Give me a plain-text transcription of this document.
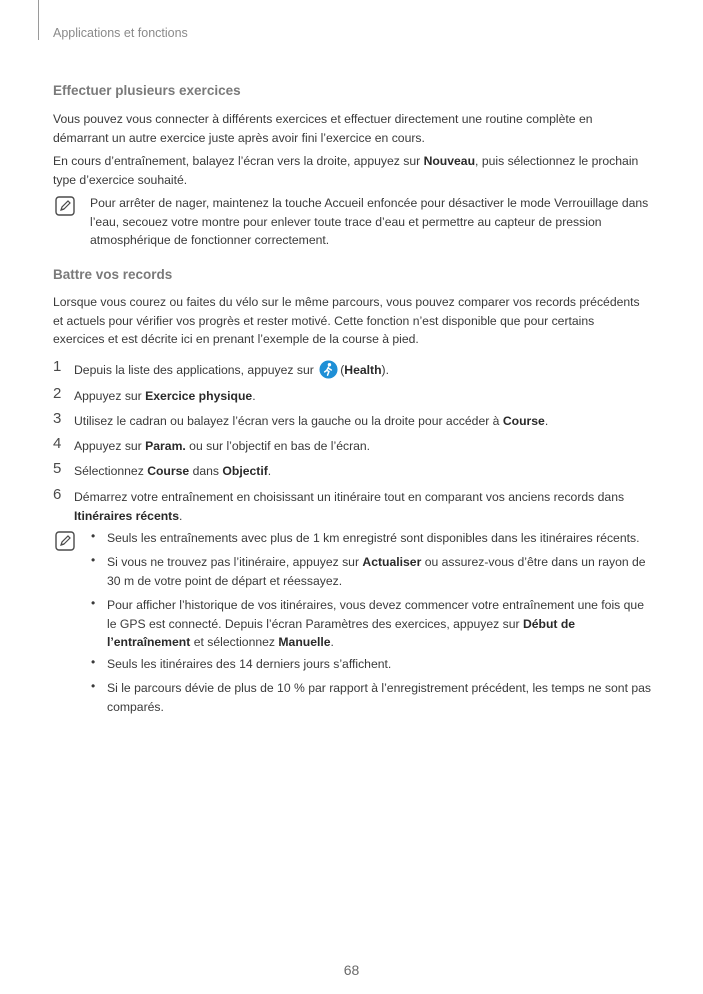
Applications et fonctions
Effectuer plusieurs exercices
Vous pouvez vous connecter à différents exercices et effectuer directement une routine complète en démarrant un autre exercice juste après avoir fini l’exercice en cours.
En cours d’entraînement, balayez l’écran vers la droite, appuyez sur Nouveau, puis sélectionnez le prochain type d’exercice souhaité.
Pour arrêter de nager, maintenez la touche Accueil enfoncée pour désactiver le mode Verrouillage dans l’eau, secouez votre montre pour enlever toute trace d’eau et permettre au capteur de pression atmosphérique de fonctionner correctement.
Battre vos records
Lorsque vous courez ou faites du vélo sur le même parcours, vous pouvez comparer vos records précédents et actuels pour vérifier vos progrès et rester motivé. Cette fonction n’est disponible que pour certains exercices et est décrite ici en prenant l’exemple de la course à pied.
1 Depuis la liste des applications, appuyez sur (Health).
2 Appuyez sur Exercice physique.
3 Utilisez le cadran ou balayez l’écran vers la gauche ou la droite pour accéder à Course.
4 Appuyez sur Param. ou sur l’objectif en bas de l’écran.
5 Sélectionnez Course dans Objectif.
6 Démarrez votre entraînement en choisissant un itinéraire tout en comparant vos anciens records dans Itinéraires récents.
• Seuls les entraînements avec plus de 1 km enregistré sont disponibles dans les itinéraires récents.
• Si vous ne trouvez pas l’itinéraire, appuyez sur Actualiser ou assurez-vous d’être dans un rayon de 30 m de votre point de départ et réessayez.
• Pour afficher l’historique de vos itinéraires, vous devez commencer votre entraînement une fois que le GPS est connecté. Depuis l’écran Paramètres des exercices, appuyez sur Début de l’entraînement et sélectionnez Manuelle.
• Seuls les itinéraires des 14 derniers jours s’affichent.
• Si le parcours dévie de plus de 10 % par rapport à l’enregistrement précédent, les temps ne sont pas comparés.
68
